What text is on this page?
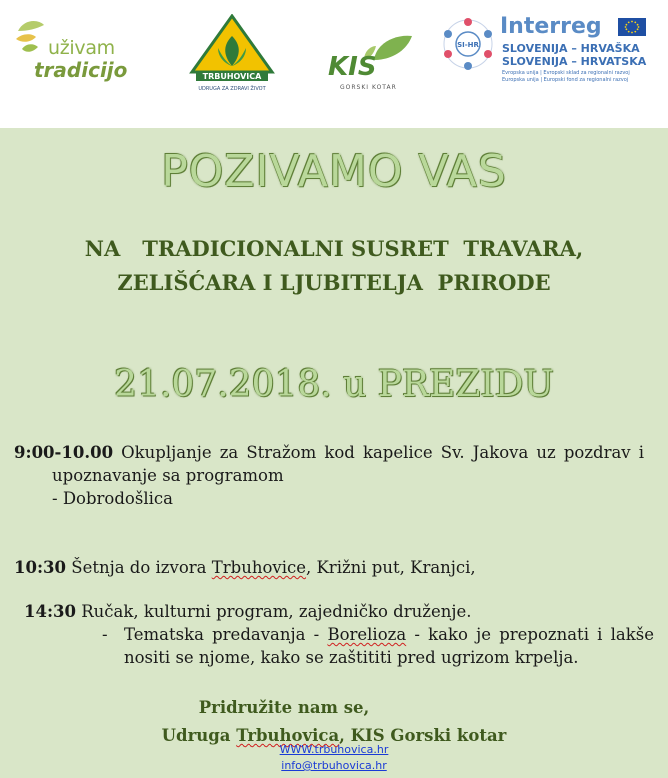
uživam
tradicijo	TRBUHOVICA
UDRUGA ZA ZDRAVI ŽIVOT
KIS
GORSKI KOTAR
SI-HR
Interreg
SLOVENIJA – HRVAŠKA
SLOVENIJA – HRVATSKA
Evropska unija | Evropski sklad za regionalni razvoj
Europska unija | Europski fond za regionalni razvoj
POZIVAMO VAS
NA   TRADICIONALNI SUSRET  TRAVARA,
ZELIŠĆARA I LJUBITELJA  PRIRODE
21.07.2018. u PREZIDU
9:00-10.00 Okupljanje za Stražom kod kapelice Sv. Jakova uz pozdrav i
upoznavanje sa programom
- Dobrodošlica
10:30 Šetnja do izvora Trbuhovice, Križni put, Kranjci,
14:30 Ručak, kulturni program, zajedničko druženje.
- Tematska predavanja - Borelioza - kako je prepoznati i lakše nositi se njome, kako se zaštititi pred ugrizom krpelja.
Pridružite nam se,
Udruga Trbuhovica, KIS Gorski kotar
WWW.trbuhovica.hr
info@trbuhovica.hr
